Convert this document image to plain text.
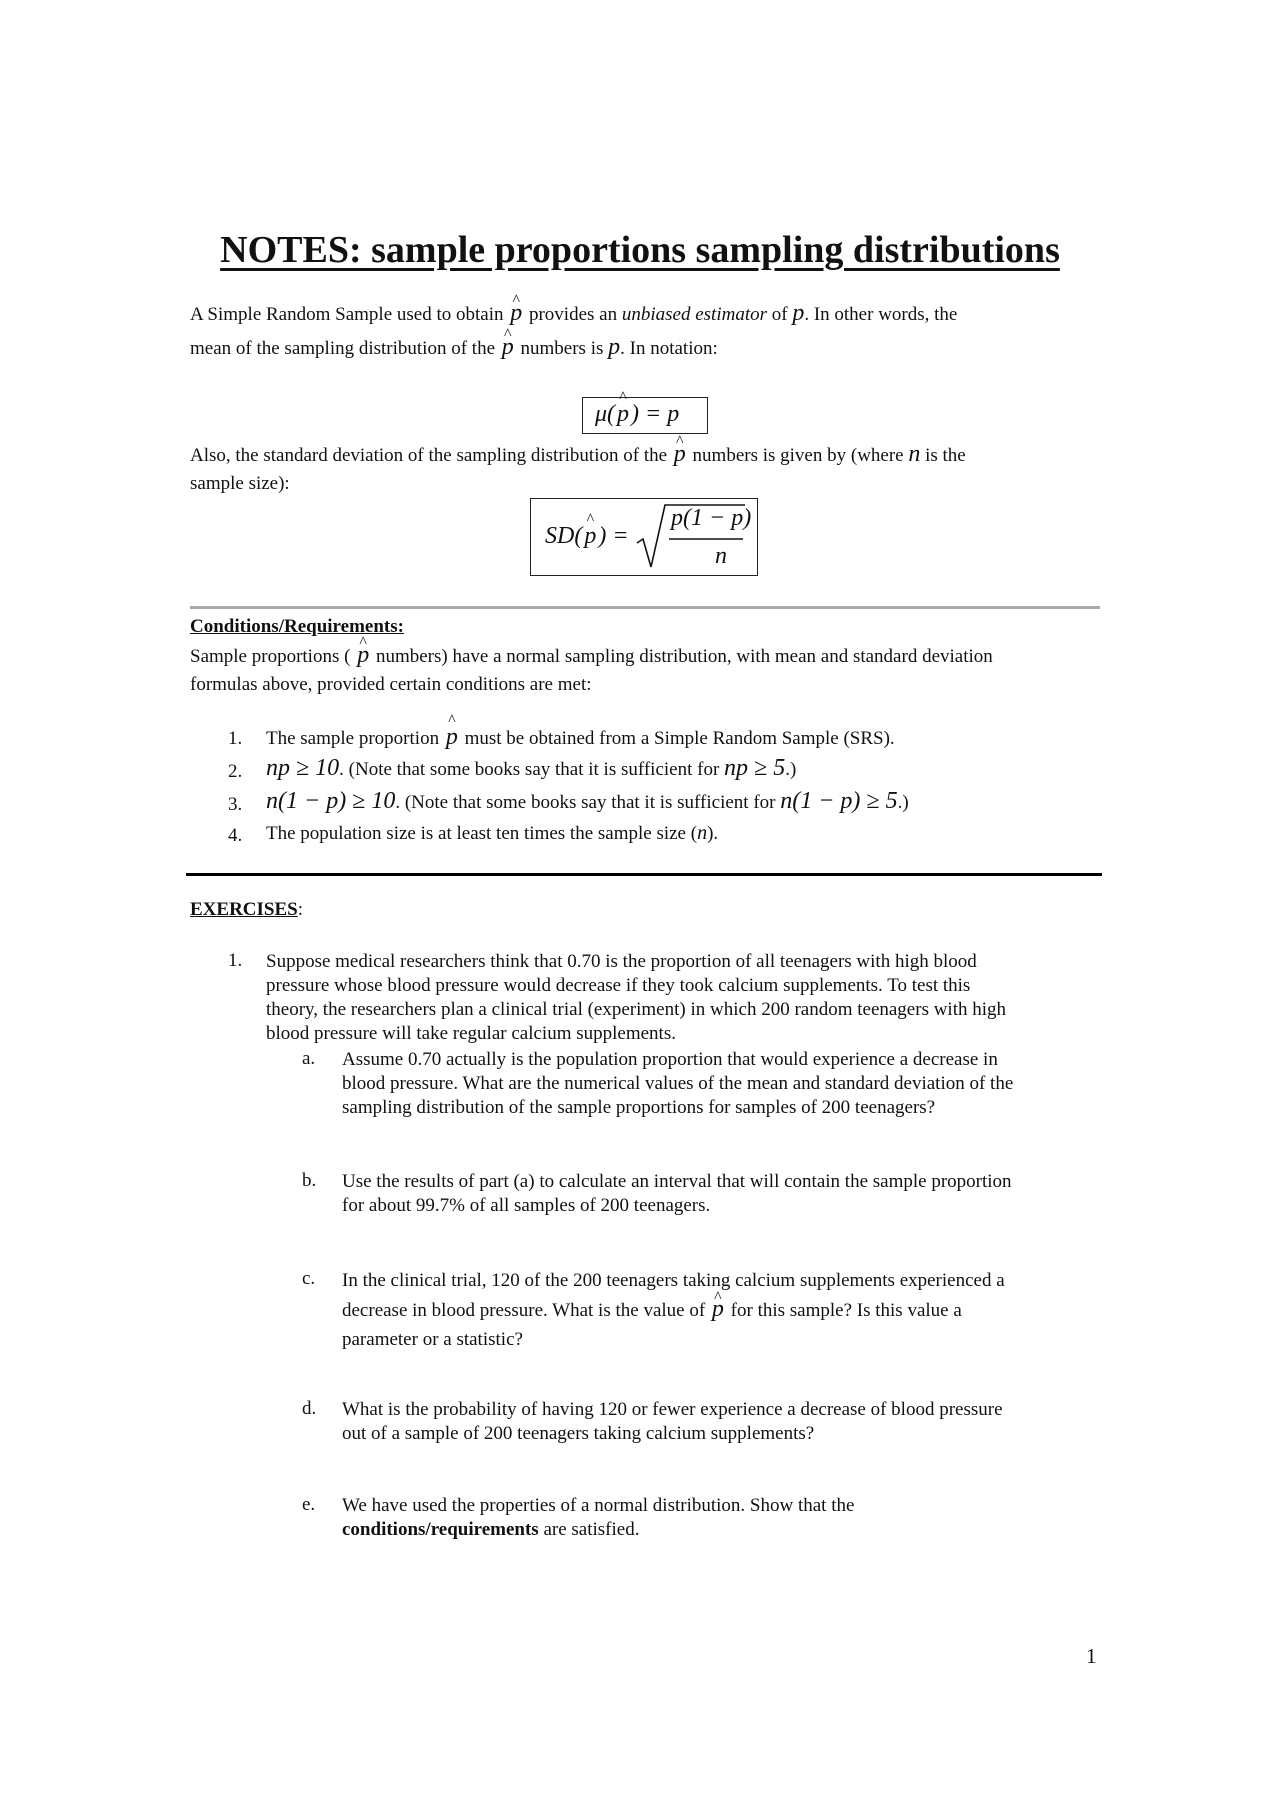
NOTES: sample proportions sampling distributions
A Simple Random Sample used to obtain ^ p provides an unbiased estimator of p. In other words, the
mean of the sampling distribution of the ^ p numbers is p. In notation:
μ(^ p) = p
Also, the standard deviation of the sampling distribution of the ^ p numbers is given by (where n is the
sample size):
SD(^ p) =
p(1 − p)
n
Conditions/Requirements:
Sample proportions ( ^ p numbers) have a normal sampling distribution, with mean and standard deviation
formulas above, provided certain conditions are met:
1. The sample proportion ^ p must be obtained from a Simple Random Sample (SRS).
2. np ≥ 10. (Note that some books say that it is sufficient for np ≥ 5.)
3. n(1 − p) ≥ 10. (Note that some books say that it is sufficient for n(1 − p) ≥ 5.)
4. The population size is at least ten times the sample size (n).
EXERCISES:
1. Suppose medical researchers think that 0.70 is the proportion of all teenagers with high blood
pressure whose blood pressure would decrease if they took calcium supplements. To test this
theory, the researchers plan a clinical trial (experiment) in which 200 random teenagers with high
blood pressure will take regular calcium supplements.
a. Assume 0.70 actually is the population proportion that would experience a decrease in
blood pressure. What are the numerical values of the mean and standard deviation of the
sampling distribution of the sample proportions for samples of 200 teenagers?
b. Use the results of part (a) to calculate an interval that will contain the sample proportion
for about 99.7% of all samples of 200 teenagers.
c. In the clinical trial, 120 of the 200 teenagers taking calcium supplements experienced a
decrease in blood pressure. What is the value of ^ p for this sample? Is this value a
parameter or a statistic?
d. What is the probability of having 120 or fewer experience a decrease of blood pressure
out of a sample of 200 teenagers taking calcium supplements?
e. We have used the properties of a normal distribution. Show that the
conditions/requirements are satisfied.
1
